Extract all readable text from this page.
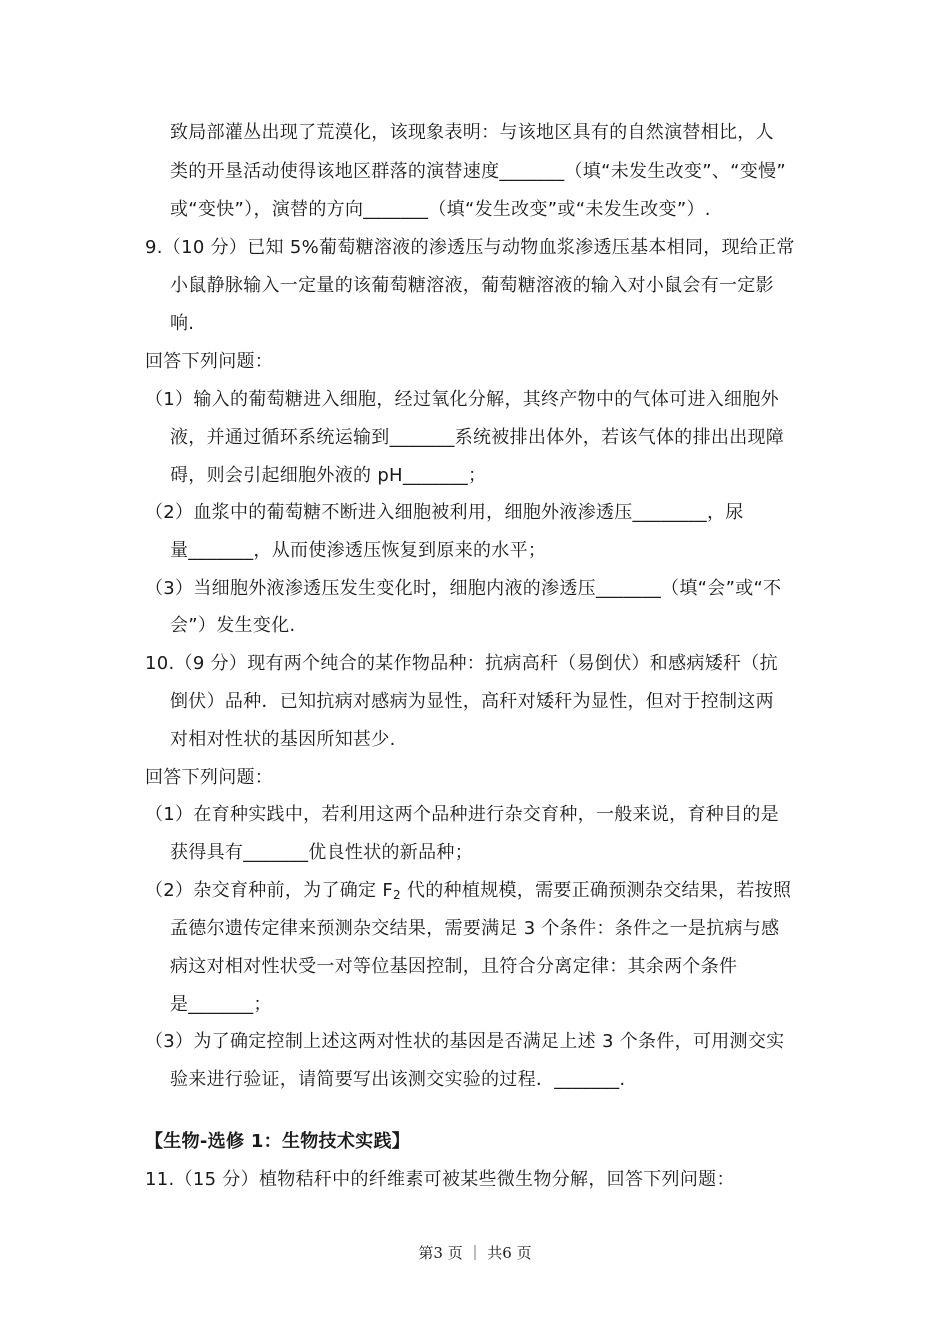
致局部灌丛出现了荒漠化，该现象表明：与该地区具有的自然演替相比，人
类的开垦活动使得该地区群落的演替速度_______（填“未发生改变”、“变慢”
或“变快”），演替的方向_______（填“发生改变”或“未发生改变”）.
9.（10 分）已知 5%葡萄糖溶液的渗透压与动物血浆渗透压基本相同，现给正常
小鼠静脉输入一定量的该葡萄糖溶液，葡萄糖溶液的输入对小鼠会有一定影
响.
回答下列问题：
（1）输入的葡萄糖进入细胞，经过氧化分解，其终产物中的气体可进入细胞外
液，并通过循环系统运输到_______系统被排出体外，若该气体的排出出现障
碍，则会引起细胞外液的 pH_______；
（2）血浆中的葡萄糖不断进入细胞被利用，细胞外液渗透压________，尿
量_______，从而使渗透压恢复到原来的水平；
（3）当细胞外液渗透压发生变化时，细胞内液的渗透压_______（填“会”或“不
会”）发生变化.
10.（9 分）现有两个纯合的某作物品种：抗病高秆（易倒伏）和感病矮秆（抗
倒伏）品种．已知抗病对感病为显性，高秆对矮秆为显性，但对于控制这两
对相对性状的基因所知甚少.
回答下列问题：
（1）在育种实践中，若利用这两个品种进行杂交育种，一般来说，育种目的是
获得具有_______优良性状的新品种；
（2）杂交育种前，为了确定 $F_2$ 代的种植规模，需要正确预测杂交结果，若按照
孟德尔遗传定律来预测杂交结果，需要满足 3 个条件：条件之一是抗病与感
病这对相对性状受一对等位基因控制，且符合分离定律：其余两个条件
是_______；
（3）为了确定控制上述这两对性状的基因是否满足上述 3 个条件，可用测交实
验来进行验证，请简要写出该测交实验的过程．_______.
【生物-选修 1：生物技术实践】
11.（15 分）植物秸秆中的纤维素可被某些微生物分解，回答下列问题：
第3 页 ｜ 共6 页
